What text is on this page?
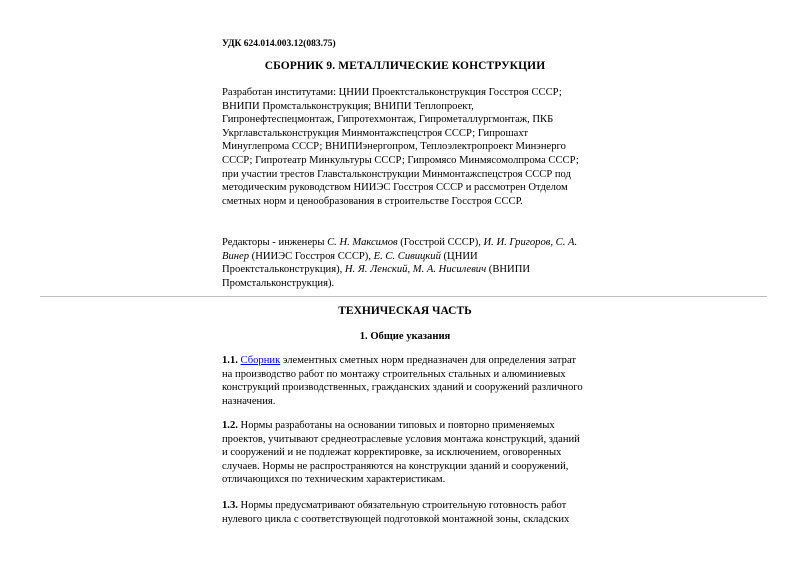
УДК 624.014.003.12(083.75)
СБОРНИК 9. МЕТАЛЛИЧЕСКИЕ КОНСТРУКЦИИ
Разработан институтами: ЦНИИ Проектстальконструкция Госстроя СССР; ВНИПИ Промстальконструкция; ВНИПИ Теплопроект, Гипронефтеспецмонтаж, Гипротехмонтаж, Гипрометаллургмонтаж, ПКБ Укрглавстальконструкция Минмонтажспецстроя СССР; Гипрошахт Минуглепрома СССР; ВНИПИэнергопром, Теплоэлектропроект Минэнерго СССР; Гипротеатр Минкультуры СССР; Гипромясо Минмясомолпрома СССР; при участии трестов Главстальконструкции Минмонтажспецстроя СССР под методическим руководством НИИЭС Госстроя СССР и рассмотрен Отделом сметных норм и ценообразования в строительстве Госстроя СССР.
Редакторы - инженеры С. Н. Максимов (Госстрой СССР), И. И. Григоров, С. А. Винер (НИИЭС Госстроя СССР), Е. С. Сивицкий (ЦНИИ Проектстальконструкция), Н. Я. Ленский, М. А. Нисилевич (ВНИПИ Промстальконструкция).
ТЕХНИЧЕСКАЯ ЧАСТЬ
1. Общие указания
1.1. Сборник элементных сметных норм предназначен для определения затрат на производство работ по монтажу строительных стальных и алюминиевых конструкций производственных, гражданских зданий и сооружений различного назначения.
1.2. Нормы разработаны на основании типовых и повторно применяемых проектов, учитывают среднеотраслевые условия монтажа конструкций, зданий и сооружений и не подлежат корректировке, за исключением, оговоренных случаев. Нормы не распространяются на конструкции зданий и сооружений, отличающихся по техническим характеристикам.
1.3. Нормы предусматривают обязательную строительную готовность работ нулевого цикла с соответствующей подготовкой монтажной зоны, складских
